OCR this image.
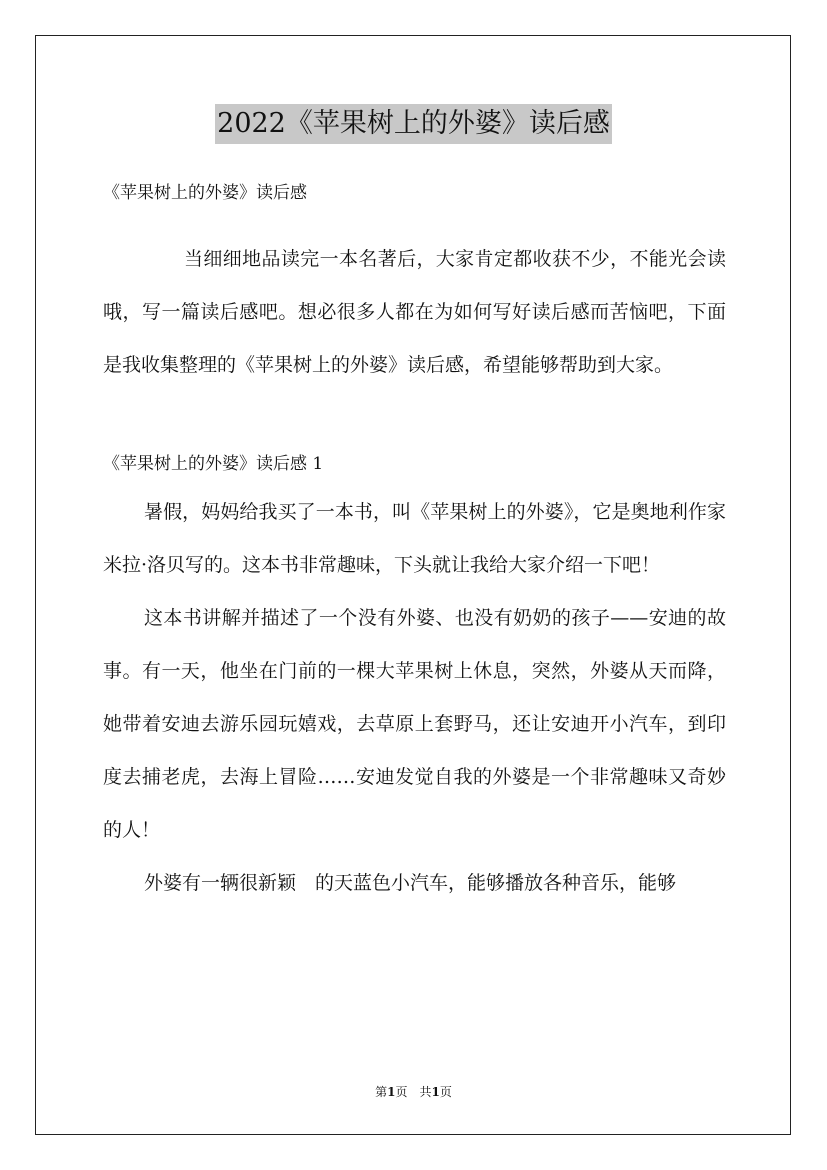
2022《苹果树上的外婆》读后感

《苹果树上的外婆》读后感

当细细地品读完一本名著后，大家肯定都收获不少，不能光会读哦，写一篇读后感吧。想必很多人都在为如何写好读后感而苦恼吧，下面是我收集整理的《苹果树上的外婆》读后感，希望能够帮助到大家。

《苹果树上的外婆》读后感 1

暑假，妈妈给我买了一本书，叫《苹果树上的外婆》，它是奥地利作家米拉·洛贝写的。这本书非常趣味，下头就让我给大家介绍一下吧！

这本书讲解并描述了一个没有外婆、也没有奶奶的孩子——安迪的故事。有一天，他坐在门前的一棵大苹果树上休息，突然，外婆从天而降，她带着安迪去游乐园玩嬉戏，去草原上套野马，还让安迪开小汽车，到印度去捕老虎，去海上冒险……安迪发觉自我的外婆是一个非常趣味又奇妙的人！

外婆有一辆很新颖　的天蓝色小汽车，能够播放各种音乐，能够

第1页　共1页
